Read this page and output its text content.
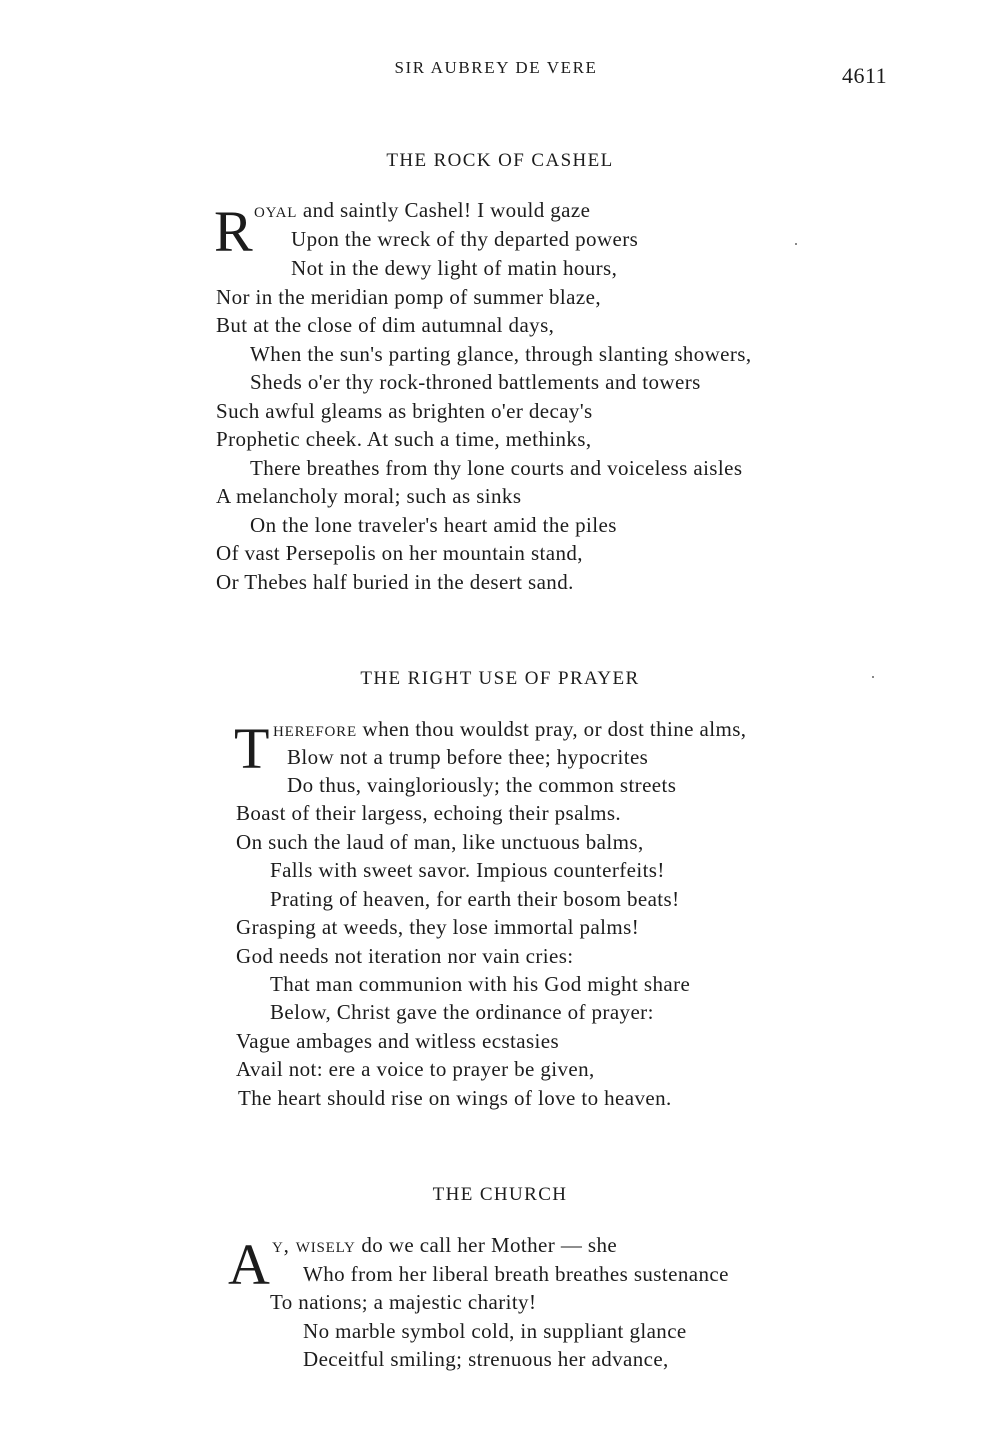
SIR AUBREY DE VERE	4611
THE ROCK OF CASHEL
R oyal and saintly Cashel! I would gaze
Upon the wreck of thy departed powers
Not in the dewy light of matin hours,
Nor in the meridian pomp of summer blaze,
But at the close of dim autumnal days,
When the sun's parting glance, through slanting showers,
Sheds o'er thy rock-throned battlements and towers
Such awful gleams as brighten o'er decay's
Prophetic cheek. At such a time, methinks,
There breathes from thy lone courts and voiceless aisles
A melancholy moral; such as sinks
On the lone traveler's heart amid the piles
Of vast Persepolis on her mountain stand,
Or Thebes half buried in the desert sand.
THE RIGHT USE OF PRAYER
T herefore when thou wouldst pray, or dost thine alms,
Blow not a trump before thee; hypocrites
Do thus, vaingloriously; the common streets
Boast of their largess, echoing their psalms.
On such the laud of man, like unctuous balms,
Falls with sweet savor. Impious counterfeits!
Prating of heaven, for earth their bosom beats!
Grasping at weeds, they lose immortal palms!
God needs not iteration nor vain cries:
That man communion with his God might share
Below, Christ gave the ordinance of prayer:
Vague ambages and witless ecstasies
Avail not: ere a voice to prayer be given,
The heart should rise on wings of love to heaven.
THE CHURCH
A y, wisely do we call her Mother — she
Who from her liberal breath breathes sustenance
To nations; a majestic charity!
No marble symbol cold, in suppliant glance
Deceitful smiling; strenuous her advance,
